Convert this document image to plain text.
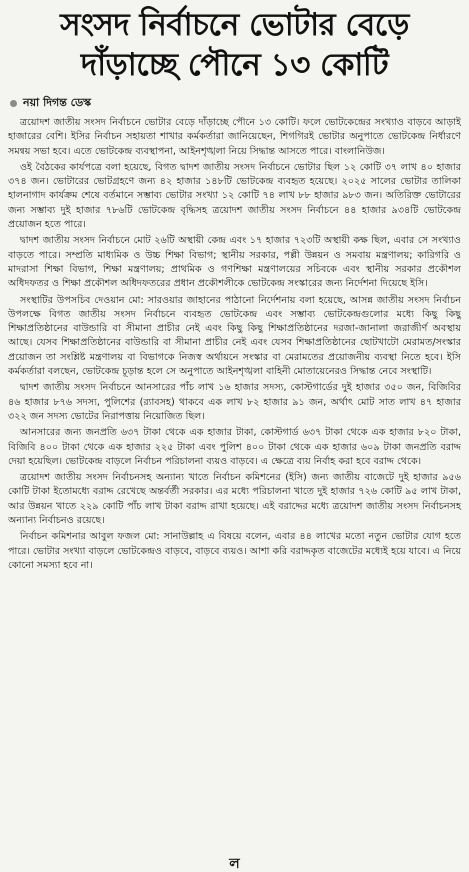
সংসদ নির্বাচনে ভোটার বেড়ে
দাঁড়াচ্ছে পৌনে ১৩ কোটি
নয়া দিগন্ত ডেস্ক

ত্রয়োদশ জাতীয় সংসদ নির্বাচনে ভোটার বেড়ে দাঁড়াচ্ছে পৌনে ১৩ কোটি। ফলে ভোটকেন্দ্রের সংখ্যাও বাড়বে আড়াই হাজারের বেশি। ইসির নির্বাচন সহায়তা শাখার কর্মকর্তারা জানিয়েছেন, শিগগিরই ভোটার অনুপাতে ভোটকেন্দ্র নির্ধারণে সমন্বয় সভা হবে। এতে ভোটকেন্দ্র ব্যবস্থাপনা, আইনশৃঙ্খলা নিয়ে সিদ্ধান্ত আসতে পারে। বাংলানিউজ।

ওই বৈঠকের কার্যপত্রে বলা হয়েছে, বিগত দ্বাদশ জাতীয় সংসদ নির্বাচনে ভোটার ছিল ১২ কোটি ৩৭ লাখ ৪০ হাজার ৩৭৪ জন। ভোটারের ভোটগ্রহণে জন্য ৪২ হাজার ১৪৮টি ভোটকেন্দ্র ব্যবহৃত হয়েছে। ২০২৫ সালের ভোটার তালিকা হালনাগাদ কার্যক্রম শেষে বর্তমানে সম্ভাব্য ভোটার সংখ্যা ১২ কোটি ৭৪ লাখ ৮৮ হাজার ৯৮৩ জন। অতিরিক্ত ভোটারের জন্য সম্ভাব্য দুই হাজার ৭৮৬টি ভোটকেন্দ্র বৃদ্ধিসহ ত্রয়োদশ জাতীয় সংসদ নির্বাচনে ৪৪ হাজার ৯৩৪টি ভোটকেন্দ্র প্রয়োজন হতে পারে।

দ্বাদশ জাতীয় সংসদ নির্বাচনে মোট ২৬টি অস্থায়ী কেন্দ্র এবং ১৭ হাজার ৭২৩টি অস্থায়ী কক্ষ ছিল, এবার সে সংখ্যাও বাড়তে পারে। সম্প্রতি মাধ্যমিক ও উচ্চ শিক্ষা বিভাগ; স্থানীয় সরকার, পল্লী উন্নয়ন ও সমবায় মন্ত্রণালয়; কারিগরি ও মাদরাসা শিক্ষা বিভাগ, শিক্ষা মন্ত্রণালয়; প্রাথমিক ও গণশিক্ষা মন্ত্রণালয়ের সচিবকে এবং স্থানীয় সরকার প্রকৌশল অধিদফতর ও শিক্ষা প্রকৌশল অধিদফতরের প্রধান প্রকৌশলীকে ভোটকেন্দ্র সংস্কারের জন্য নির্দেশনা দিয়েছে ইসি।

সংস্থাটির উপসচিব দেওয়ান মো: সারওয়ার জাহানের পাঠানো নির্দেশনায় বলা হয়েছে, আসন্ন জাতীয় সংসদ নির্বাচন উপলক্ষে বিগত জাতীয় সংসদ নির্বাচনে ব্যবহৃত ভোটকেন্দ্র এবং সম্ভাব্য ভোটকেন্দ্রগুলোর মধ্যে কিছু কিছু শিক্ষাপ্রতিষ্ঠানের বাউন্ডারি বা সীমানা প্রাচীর নেই এবং কিছু কিছু শিক্ষাপ্রতিষ্ঠানের দরজা-জানালা জরাজীর্ণ অবস্থায় আছে। যেসব শিক্ষাপ্রতিষ্ঠানের বাউন্ডারি বা সীমানা প্রাচীর নেই এবং যেসব শিক্ষাপ্রতিষ্ঠানের ছোটখাটো মেরামত/সংস্কার প্রয়োজন তা সংশ্লিষ্ট মন্ত্রণালয় বা বিভাগকে নিজস্ব অর্থায়নে সংস্কার বা মেরামতের প্রয়োজনীয় ব্যবস্থা নিতে হবে। ইসি কর্মকর্তারা বলছেন, ভোটকেন্দ্র চূড়ান্ত হলে সে অনুপাতে আইনশৃঙ্খলা বাহিনী মোতায়েনেরও সিদ্ধান্ত নেবে সংস্থাটি।

দ্বাদশ জাতীয় সংসদ নির্বাচনে আনসারের পাঁচ লাখ ১৬ হাজার সদস্য, কোস্টগার্ডের দুই হাজার ৩৫০ জন, বিজিবির ৪৬ হাজার ৮৭৬ সদস্য, পুলিশের (র‍্যাবসহ) থাকবে এক লাখ ৮২ হাজার ৯১ জন, অর্থাৎ মোট সাত লাখ ৪৭ হাজার ৩২২ জন সদস্য ভোটের নিরাপত্তায় নিয়োজিত ছিল।

আনসারের জন্য জনপ্রতি ৬৩৭ টাকা থেকে এক হাজার টাকা, কোস্টগার্ড ৬৩৭ টাকা থেকে এক হাজার ৮২০ টাকা, বিজিবি ৪০০ টাকা থেকে এক হাজার ২২৫ টাকা এবং পুলিশ ৪০০ টাকা থেকে এক হাজার ৬০৯ টাকা জনপ্রতি বরাদ্দ দেয়া হয়েছিল। ভোটকেন্দ্র বাড়লে নির্বাচন পরিচালনা ব্যয়ও বাড়বে। এ ক্ষেত্রে ব্যয় নির্বাহ করা হবে বরাদ্দ থেকে।

ত্রয়োদশ জাতীয় সংসদ নির্বাচনসহ অন্যান্য খাতে নির্বাচন কমিশনের (ইসি) জন্য জাতীয় বাজেটে দুই হাজার ৯৫৬ কোটি টাকা ইতোমধ্যে বরাদ্দ রেখেছে অন্তর্বর্তী সরকার। এর মধ্যে পরিচালনা খাতে দুই হাজার ৭২৬ কোটি ৯৫ লাখ টাকা, আর উন্নয়ন খাতে ২২৯ কোটি পাঁচ লাখ টাকা বরাদ্দ রাখা হয়েছে। এই বরাদ্দের মধ্যে ত্রয়োদশ জাতীয় সংসদ নির্বাচনসহ অন্যান্য নির্বাচনও রয়েছে।

নির্বাচন কমিশনার আবুল ফজল মো: সানাউল্লাহ এ বিষয়ে বলেন, এবার ৪৪ লাখের মতো নতুন ভোটার যোগ হতে পারে। ভোটার সংখ্যা বাড়লে ভোটকেন্দ্রও বাড়বে, বাড়বে ব্যয়ও। আশা করি বরাদ্দকৃত বাজেটের মধ্যেই হয়ে যাবে। এ নিয়ে কোনো সমস্যা হবে না।

ল
